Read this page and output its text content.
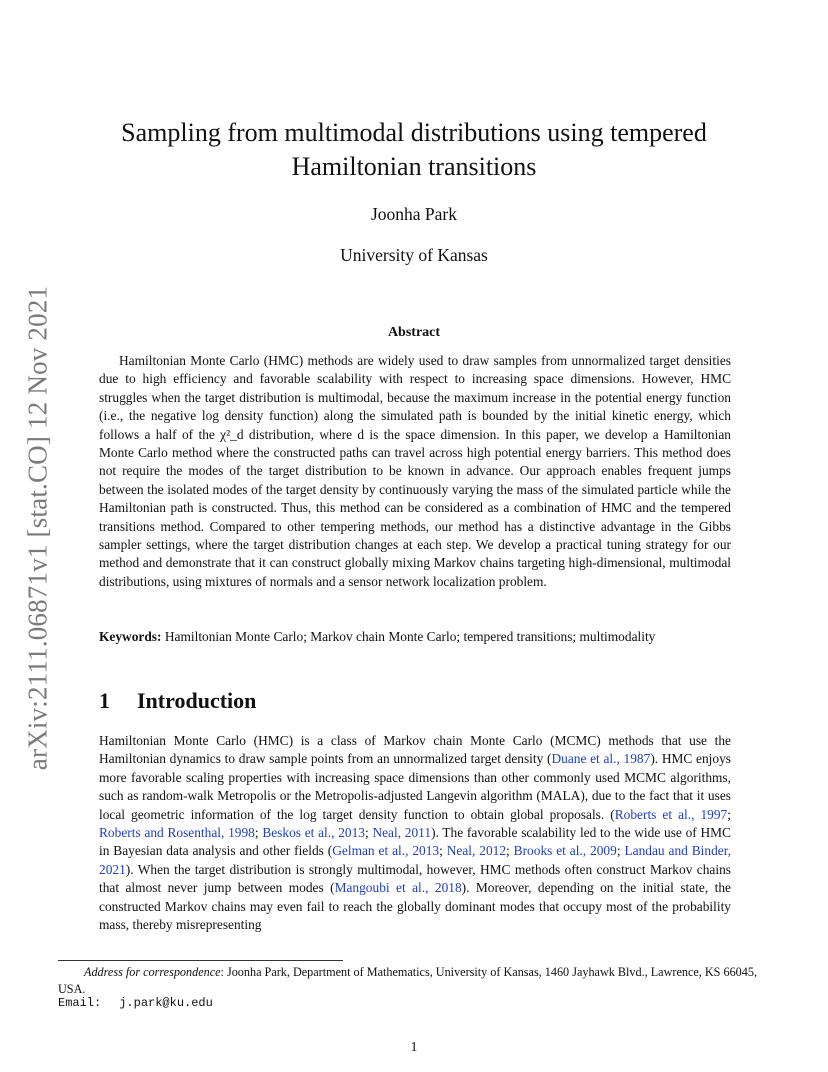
arXiv:2111.06871v1 [stat.CO] 12 Nov 2021
Sampling from multimodal distributions using tempered Hamiltonian transitions
Joonha Park
University of Kansas
Abstract

Hamiltonian Monte Carlo (HMC) methods are widely used to draw samples from unnormalized target densities due to high efficiency and favorable scalability with respect to increasing space dimensions. However, HMC struggles when the target distribution is multimodal, because the maximum increase in the potential energy function (i.e., the negative log density function) along the simulated path is bounded by the initial kinetic energy, which follows a half of the χ²_d distribution, where d is the space dimension. In this paper, we develop a Hamiltonian Monte Carlo method where the constructed paths can travel across high potential energy barriers. This method does not require the modes of the target distribution to be known in advance. Our approach enables frequent jumps between the isolated modes of the target density by continuously varying the mass of the simulated particle while the Hamiltonian path is constructed. Thus, this method can be considered as a combination of HMC and the tempered transitions method. Compared to other tempering methods, our method has a distinctive advantage in the Gibbs sampler settings, where the target distribution changes at each step. We develop a practical tuning strategy for our method and demonstrate that it can construct globally mixing Markov chains targeting high-dimensional, multimodal distributions, using mixtures of normals and a sensor network localization problem.

Keywords: Hamiltonian Monte Carlo; Markov chain Monte Carlo; tempered transitions; multimodality

1 Introduction

Hamiltonian Monte Carlo (HMC) is a class of Markov chain Monte Carlo (MCMC) methods that use the Hamiltonian dynamics to draw sample points from an unnormalized target density (Duane et al., 1987). HMC enjoys more favorable scaling properties with increasing space dimensions than other commonly used MCMC algorithms, such as random-walk Metropolis or the Metropolis-adjusted Langevin algorithm (MALA), due to the fact that it uses local geometric information of the log target density function to obtain global proposals. (Roberts et al., 1997; Roberts and Rosenthal, 1998; Beskos et al., 2013; Neal, 2011). The favorable scalability led to the wide use of HMC in Bayesian data analysis and other fields (Gelman et al., 2013; Neal, 2012; Brooks et al., 2009; Landau and Binder, 2021). When the target distribution is strongly multimodal, however, HMC methods often construct Markov chains that almost never jump between modes (Mangoubi et al., 2018). Moreover, depending on the initial state, the constructed Markov chains may even fail to reach the globally dominant modes that occupy most of the probability mass, thereby misrepresenting

Address for correspondence: Joonha Park, Department of Mathematics, University of Kansas, 1460 Jayhawk Blvd., Lawrence, KS 66045, USA.

Email: j.park@ku.edu
1
